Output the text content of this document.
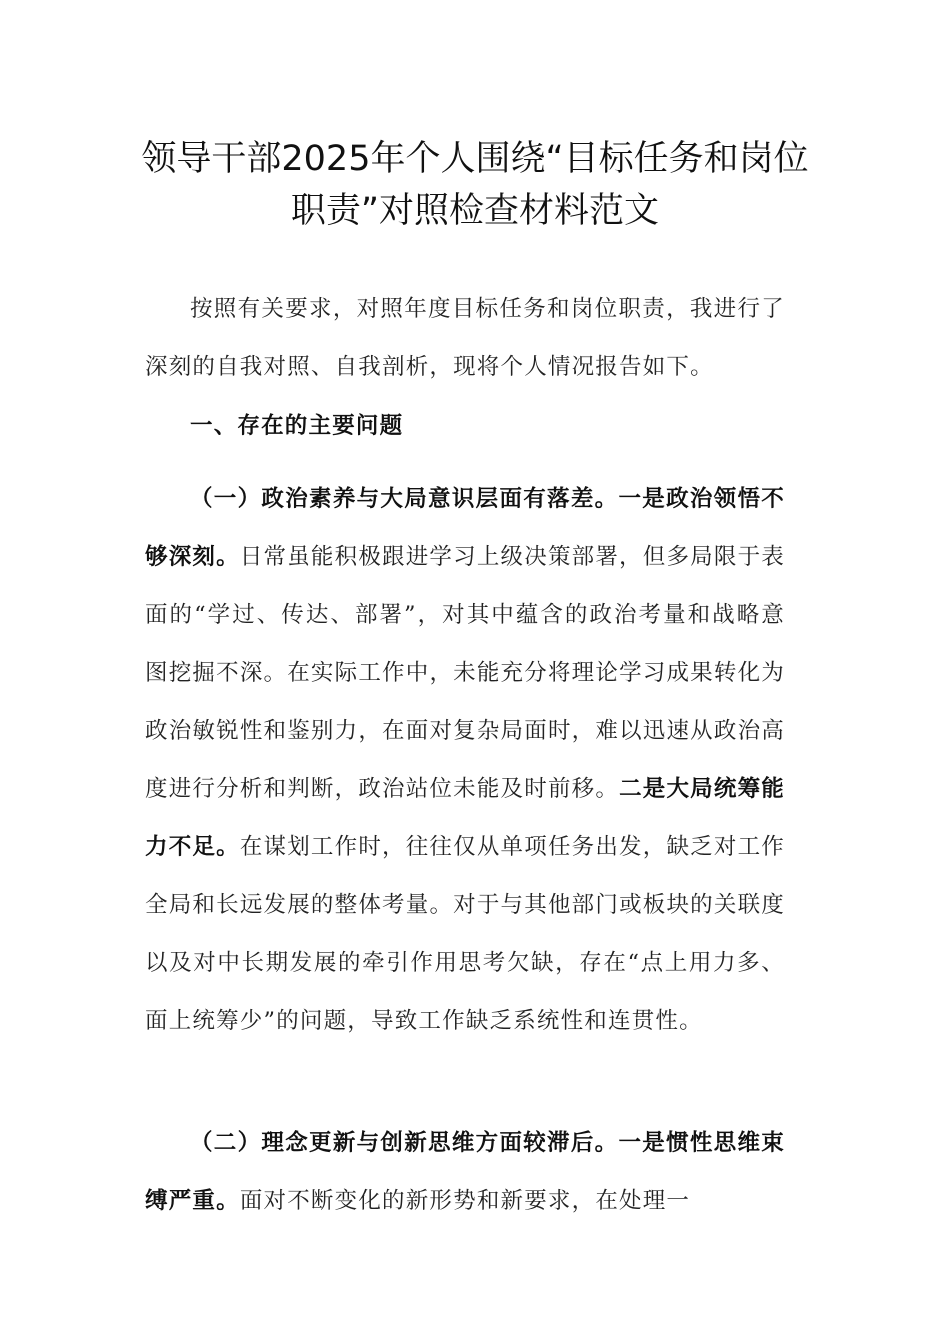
领导干部2025年个人围绕“目标任务和岗位
职责”对照检查材料范文

按照有关要求，对照年度目标任务和岗位职责，我进行了深刻的自我对照、自我剖析，现将个人情况报告如下。

一、存在的主要问题

（一）政治素养与大局意识层面有落差。一是政治领悟不够深刻。日常虽能积极跟进学习上级决策部署，但多局限于表面的“学过、传达、部署”，对其中蕴含的政治考量和战略意图挖掘不深。在实际工作中，未能充分将理论学习成果转化为政治敏锐性和鉴别力，在面对复杂局面时，难以迅速从政治高度进行分析和判断，政治站位未能及时前移。二是大局统筹能力不足。在谋划工作时，往往仅从单项任务出发，缺乏对工作全局和长远发展的整体考量。对于与其他部门或板块的关联度以及对中长期发展的牵引作用思考欠缺，存在“点上用力多、面上统筹少”的问题，导致工作缺乏系统性和连贯性。

（二）理念更新与创新思维方面较滞后。一是惯性思维束缚严重。面对不断变化的新形势和新要求，在处理一
